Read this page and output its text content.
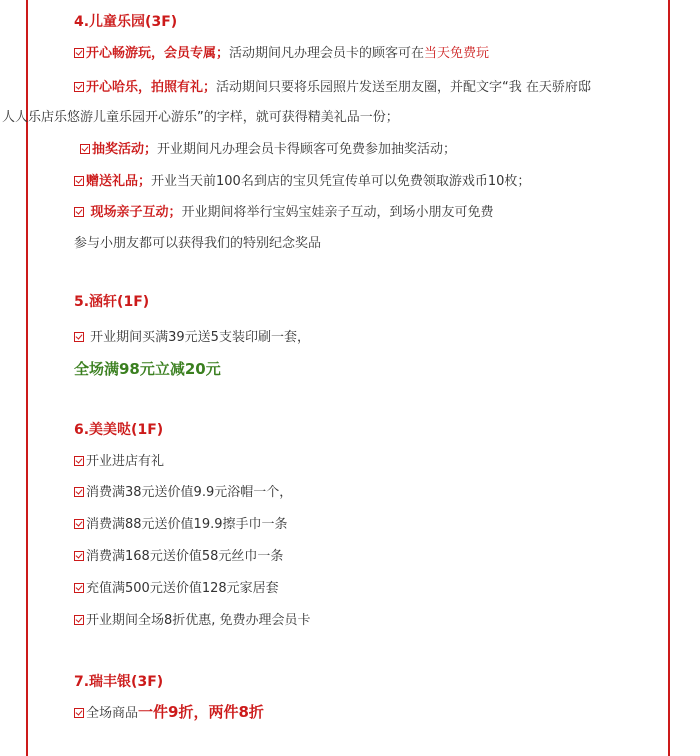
4.儿童乐园(3F)
开心畅游玩，会员专属；活动期间凡办理会员卡的顾客可在当天免费玩
开心哈乐，拍照有礼；活动期间只要将乐园照片发送至朋友圈，并配文字“我 在天骄府邸
人人乐店乐悠游儿童乐园开心游乐”的字样，就可获得精美礼品一份；
抽奖活动；开业期间凡办理会员卡得顾客可免费参加抽奖活动；
赠送礼品；开业当天前100名到店的宝贝凭宣传单可以免费领取游戏币10枚；
现场亲子互动；开业期间将举行宝妈宝娃亲子互动，到场小朋友可免费
参与小朋友都可以获得我们的特别纪念奖品
5.涵轩(1F)
开业期间买满39元送5支装印刷一套，
全场满98元立减20元
6.美美哒(1F)
开业进店有礼
消费满38元送价值9.9元浴帽一个，
消费满88元送价值19.9擦手巾一条
消费满168元送价值58元丝巾一条
充值满500元送价值128元家居套
开业期间全场8折优惠, 免费办理会员卡
7.瑞丰银(3F)
全场商品一件9折，两件8折
